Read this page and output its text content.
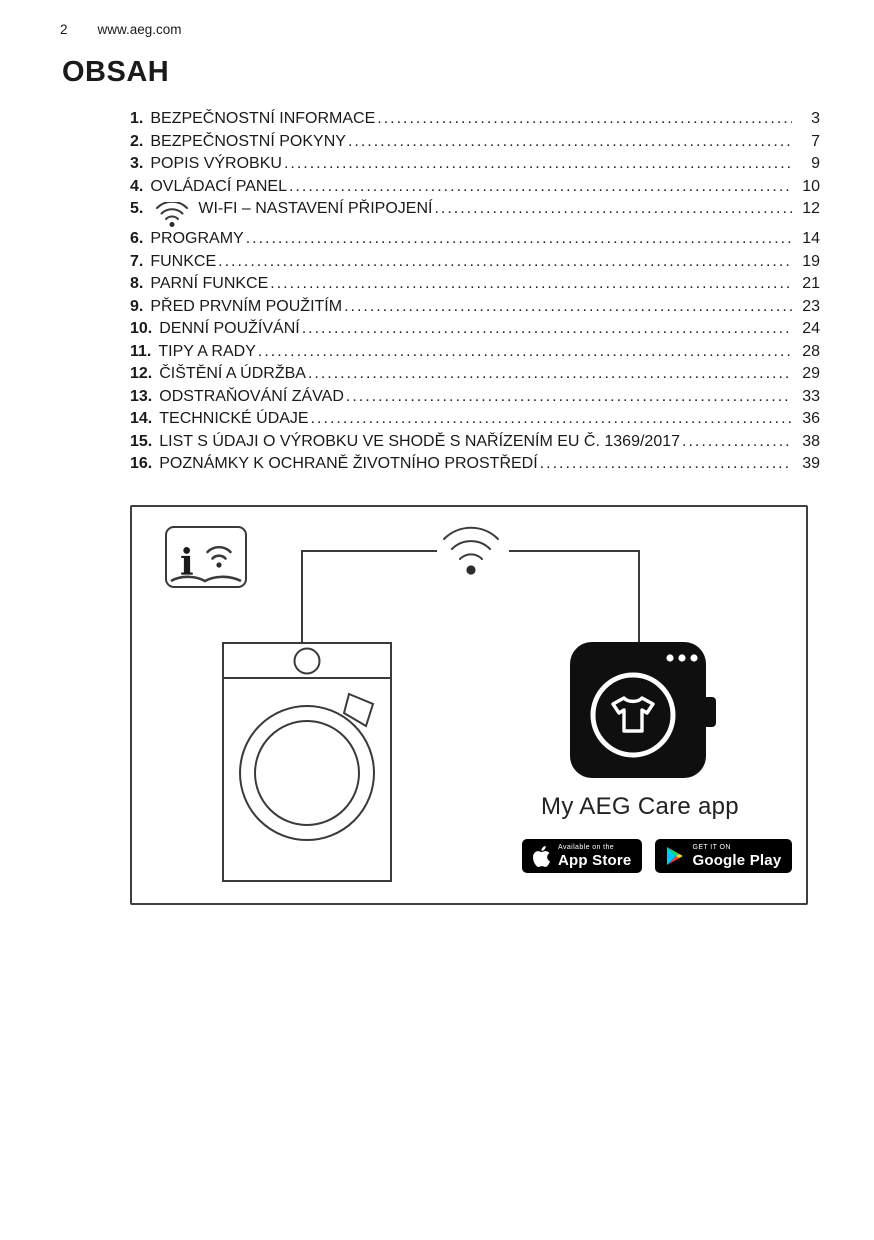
2 www.aeg.com
OBSAH
1. BEZPEČNOSTNÍ INFORMACE .....	3
2. BEZPEČNOSTNÍ POKYNY .....	7
3. POPIS VÝROBKU .....	9
4. OVLÁDACÍ PANEL .....	10
5.	WI-FI – NASTAVENÍ PŘIPOJENÍ .....	12
6. PROGRAMY .....	14
7. FUNKCE .....	19
8. PARNÍ FUNKCE .....	21
9. PŘED PRVNÍM POUŽITÍM .....	23
10. DENNÍ POUŽÍVÁNÍ .....	24
11. TIPY A RADY .....	28
12. ČIŠTĚNÍ A ÚDRŽBA .....	29
13. ODSTRAŇOVÁNÍ ZÁVAD .....	33
14. TECHNICKÉ ÚDAJE .....	36
15. LIST S ÚDAJI O VÝROBKU VE SHODĚ S NAŘÍZENÍM EU Č. 1369/2017 .....	38
16. POZNÁMKY K OCHRANĚ ŽIVOTNÍHO PROSTŘEDÍ .....	39
i
My AEG Care app
Available on the
App Store
GET IT ON
Google Play
